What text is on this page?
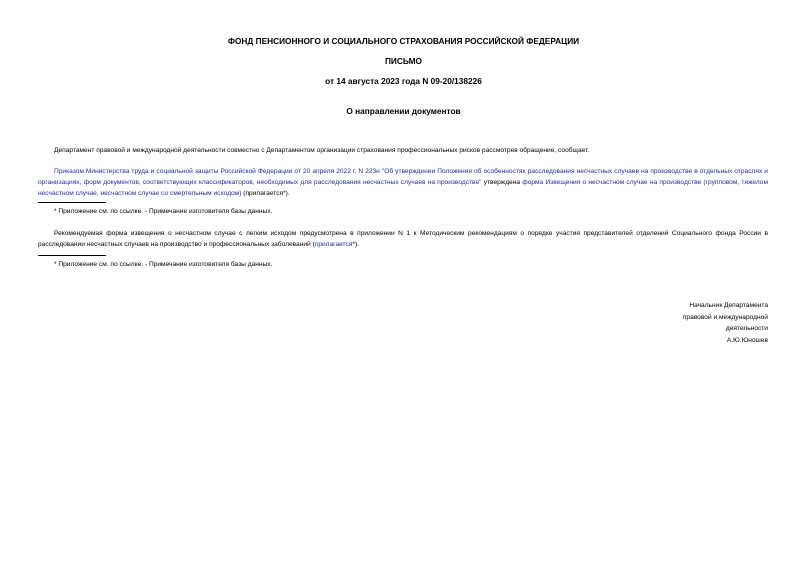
ФОНД ПЕНСИОННОГО И СОЦИАЛЬНОГО СТРАХОВАНИЯ РОССИЙСКОЙ ФЕДЕРАЦИИ
ПИСЬМО
от 14 августа 2023 года N 09-20/138226
О направлении документов
Департамент правовой и международной деятельности совместно с Департаментом организации страхования профессиональных рисков рассмотрев обращение, сообщает.
Приказом Министерства труда и социальной защиты Российской Федерации от 20 апреля 2022 г. N 223н "Об утверждении Положения об особенностях расследования несчастных случаев на производстве в отдельных отраслях и организациях, форм документов, соответствующих классификаторов, необходимых для расследования несчастных случаев на производстве" утверждена форма Извещения о несчастном случае на производстве (групповом, тяжелом несчастном случае, несчастном случае со смертельным исходом) (прилагается*).
* Приложение см. по ссылке. - Примечание изготовителя базы данных.
Рекомендуемая форма извещения о несчастном случае с легким исходом предусмотрена в приложении N 1 к Методическим рекомендациям о порядке участия представителей отделений Социального фонда России в расследовании несчастных случаев на производство и профессиональных заболеваний (прилагается*).
* Приложение см. по ссылке. - Примечание изготовителя базы данных.
Начальник Департамента
правовой и международной
деятельности
А.Ю.Юношев
